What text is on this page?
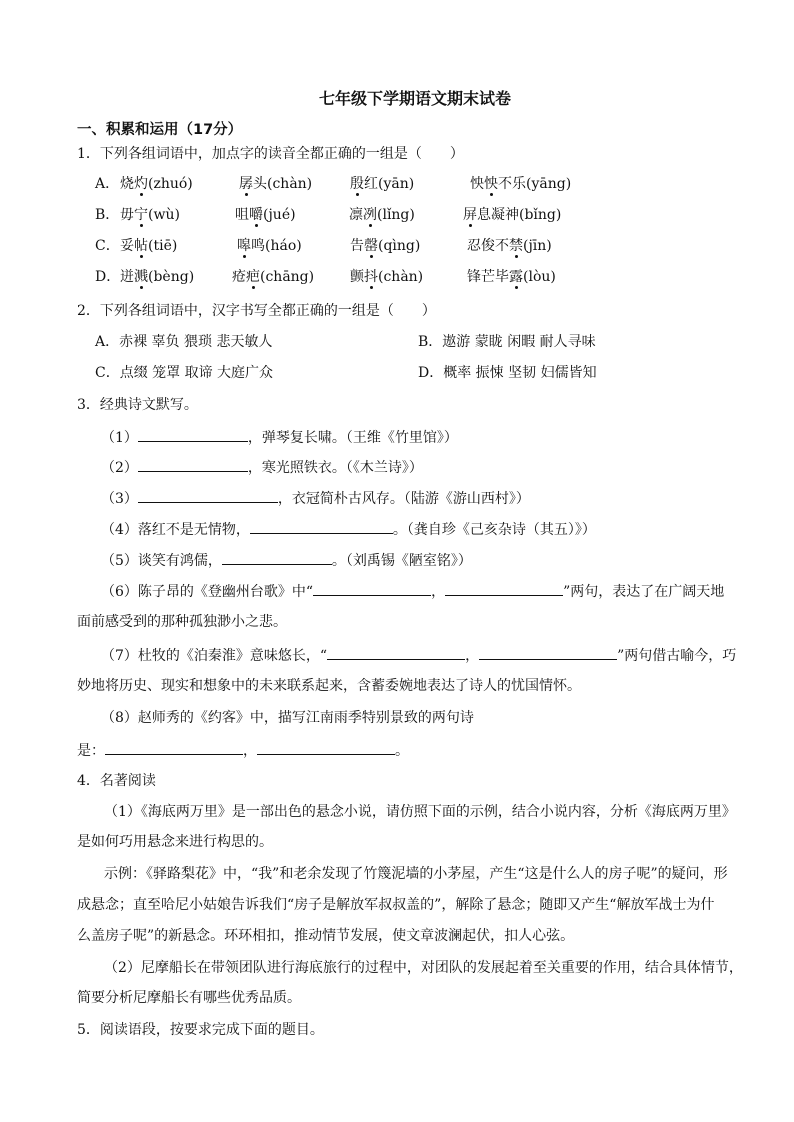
七年级下学期语文期末试卷
一、积累和运用（17分）
1．下列各组词语中，加点字的读音全都正确的一组是（　　）
A． 烧灼(zhuó)	孱头(chàn)	殷红(yān)	怏怏不乐(yāng)
B． 毋宁(wù)	咀嚼(jué)	凛冽(lǐng)	屏息凝神(bǐng)
C． 妥帖(tiē)	嗥鸣(háo)	告罄(qìng)	忍俊不禁(jīn)
D． 迸溅(bèng)	疮疤(chāng)	颤抖(chàn)	锋芒毕露(lòu)
2．下列各组词语中，汉字书写全都正确的一组是（　　）
A．赤裸 辜负 猥琐 悲天敏人	B．遨游 蒙眬 闲暇 耐人寻味
C．点缀 笼罩 取谛 大庭广众	D．概率 振悚 坚韧 妇儒皆知
3．经典诗文默写。
（1）	，弹琴复长啸。（王维《竹里馆》）
（2）	，寒光照铁衣。（《木兰诗》）
（3）	，衣冠简朴古风存。（陆游《游山西村》）
（4）落红不是无情物，	。（龚自珍《己亥杂诗（其五）》）
（5）谈笑有鸿儒，	。（刘禹锡《陋室铭》）
（6）陈子昂的《登幽州台歌》中“	，	”两句，表达了在广阔天地
面前感受到的那种孤独渺小之悲。
（7）杜牧的《泊秦淮》意味悠长，“	，	”两句借古喻今，巧
妙地将历史、现实和想象中的未来联系起来，含蓄委婉地表达了诗人的忧国情怀。
（8）赵师秀的《约客》中，描写江南雨季特别景致的两句诗
是：	，	。
4．名著阅读
（1）《海底两万里》是一部出色的悬念小说，请仿照下面的示例，结合小说内容，分析《海底两万里》
是如何巧用悬念来进行构思的。
示例：《驿路梨花》中，“我”和老余发现了竹篾泥墙的小茅屋，产生“这是什么人的房子呢”的疑问，形
成悬念；直至哈尼小姑娘告诉我们“房子是解放军叔叔盖的”，解除了悬念；随即又产生“解放军战士为什
么盖房子呢”的新悬念。环环相扣，推动情节发展，使文章波澜起伏，扣人心弦。
（2）尼摩船长在带领团队进行海底旅行的过程中，对团队的发展起着至关重要的作用，结合具体情节，
简要分析尼摩船长有哪些优秀品质。
5．阅读语段，按要求完成下面的题目。
